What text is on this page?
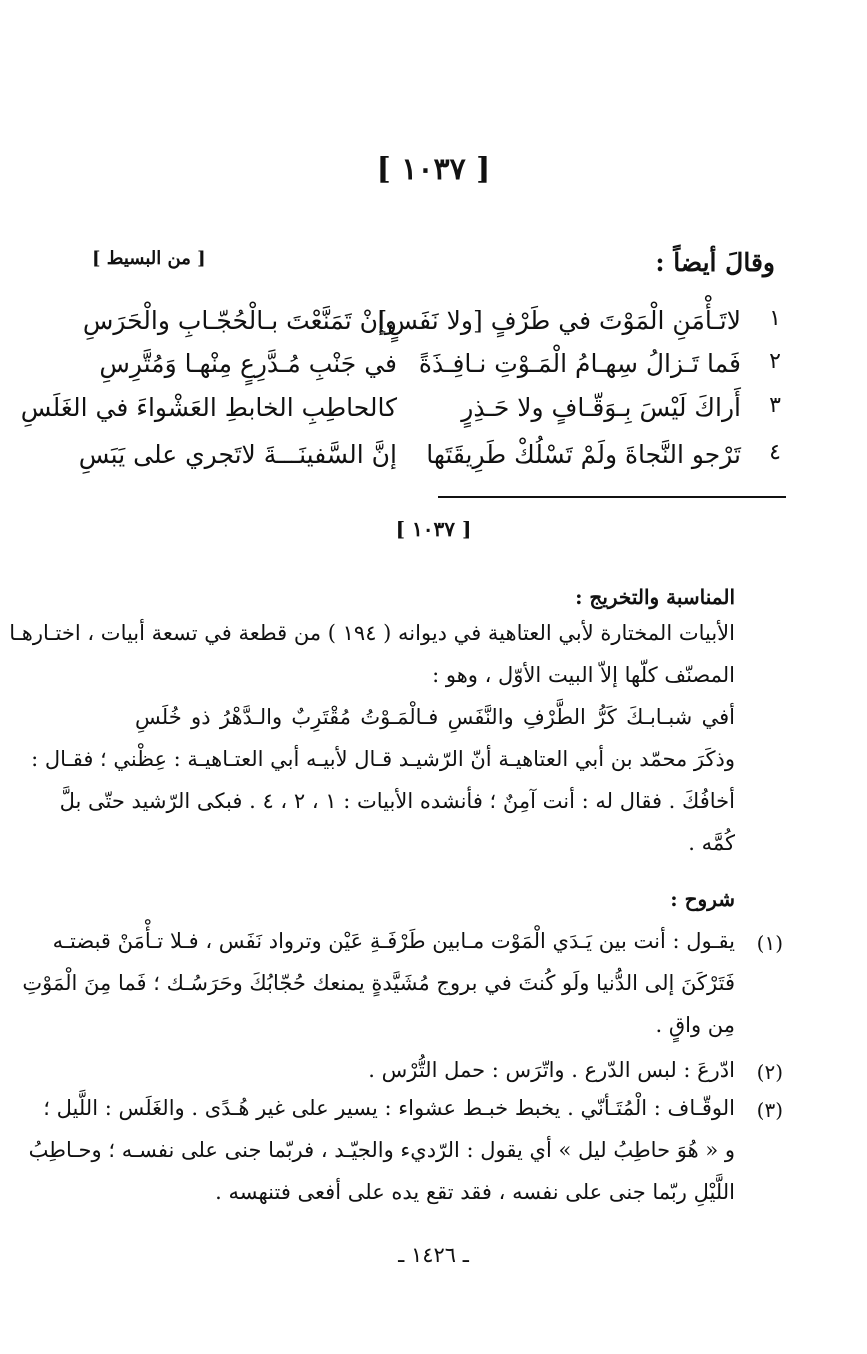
[ ١٠٣٧ ]
وقالَ أيضاً :
[ من البسيط ]
١
لاتَـأْمَنِ الْمَوْتَ في طَرْفٍ [ولا نَفَسٍ]
وإنْ تَمَنَّعْتَ بـالْحُجّـابِ والْحَرَسِ
٢
فَما تَـزالُ سِهـامُ الْمَـوْتِ نـافِـذَةً
في جَنْبِ مُـدَّرِعٍ مِنْهـا وَمُتَّرِسِ
٣
أَراكَ لَيْسَ بِـوَقّـافٍ ولا حَـذِرٍ
كالحاطِبِ الخابطِ العَشْواءَ في الغَلَسِ
٤
تَرْجو النَّجاةَ ولَمْ تَسْلُكْ طَرِيقَتَها
إنَّ السَّفينَـــةَ لاتَجري على يَبَسِ
[ ١٠٣٧ ]
المناسبة والتخريج :
الأبيات المختارة لأبي العتاهية في ديوانه ( ١٩٤ ) من قطعة في تسعة أبيات ، اختـارهـا
المصنّف كلّها إلاّ البيت الأوّل ، وهو :
أفي شبـابـكَ كَرُّ الطَّرْفِ والنَّفَسِ فـالْمَـوْتُ مُقْتَرِبٌ والـدَّهْرُ ذو خُلَسِ
وذكَرَ محمّد بن أبي العتاهيـة أنّ الرّشيـد قـال لأبيـه أبي العتـاهيـة : عِظْني ؛ فقـال :
أخافُكَ . فقال له : أنت آمِنٌ ؛ فأنشده الأبيات : ١ ، ٢ ، ٤ . فبكى الرّشيد حتّى بلَّ
كُمَّه .
شروح :
(١)
يقـول : أنت بين يَـدَي الْمَوْت مـابين طَرْفَـةِ عَيْن وترواد نَفَس ، فـلا تـأْمَنْ قبضتـه
فَتَرْكَنَ إلى الدُّنيا ولَو كُنتَ في بروج مُشَيَّدةٍ يمنعك حُجّابُكَ وحَرَسُـك ؛ فَما مِنَ الْمَوْتِ
مِن واقٍ .
(٢)
ادّرعَ : لبس الدّرع . واتّرَس : حمل التُّرْس .
(٣)
الوقّـاف : الْمُتَـأنّي . يخبط خبـط عشواء : يسير على غير هُـدًى . والغَلَس : اللَّيل ؛
و « هُوَ حاطِبُ ليل » أي يقول : الرّديء والجيّـد ، فربّما جنى على نفسـه ؛ وحـاطِبُ
اللَّيْلِ ربّما جنى على نفسه ، فقد تقع يده على أفعى فتنهسه .
ـ ١٤٢٦ ـ
